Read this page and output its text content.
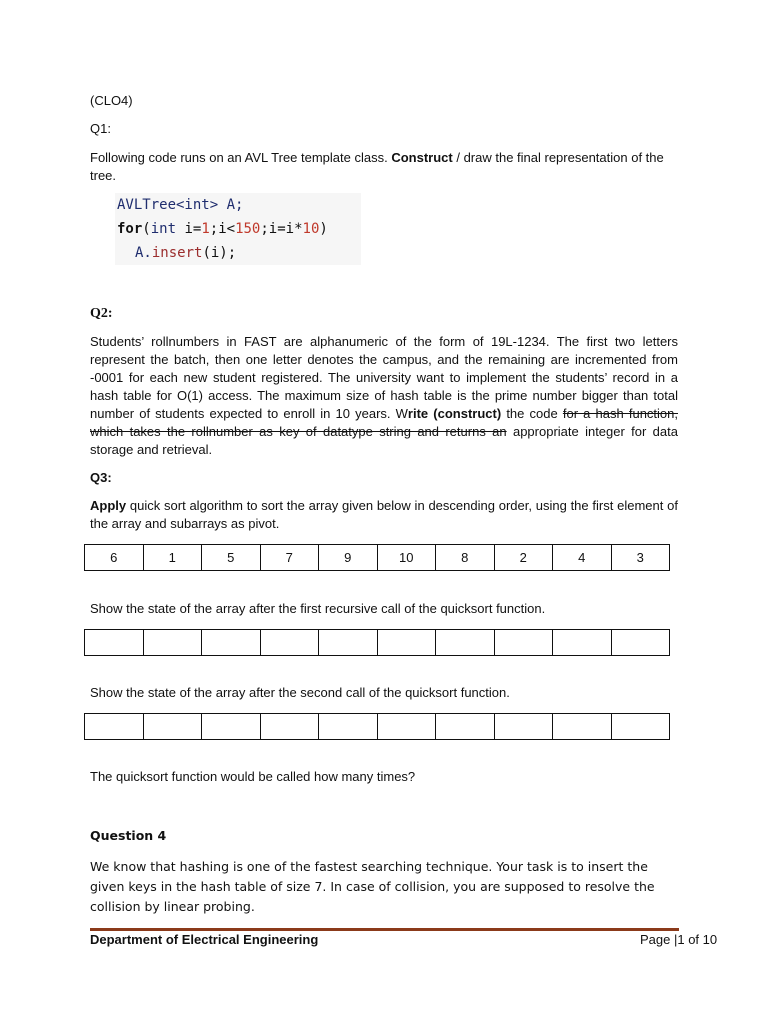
(CLO4)
Q1:
Following code runs on an AVL Tree template class. Construct / draw the final representation of the tree.
AVLTree<int> A;
for(int i=1;i<150;i=i*10)
A.insert(i);
Q2:
Students’ rollnumbers in FAST are alphanumeric of the form of 19L-1234. The first two letters represent the batch, then one letter denotes the campus, and the remaining are incremented from -0001 for each new student registered. The university want to implement the students’ record in a hash table for O(1) access. The maximum size of hash table is the prime number bigger than total number of students expected to enroll in 10 years. Write (construct) the code for a hash function, which takes the rollnumber as key of datatype string and returns an appropriate integer for data storage and retrieval.
Q3:
Apply quick sort algorithm to sort the array given below in descending order, using the first element of the array and subarrays as pivot.
6	1	5	7	9	10	8	2	4	3
Show the state of the array after the first recursive call of the quicksort function.

Show the state of the array after the second call of the quicksort function.

The quicksort function would be called how many times?
Question 4
We know that hashing is one of the fastest searching technique. Your task is to insert the given keys in the hash table of size 7. In case of collision, you are supposed to resolve the collision by linear probing.
Department of Electrical Engineering	Page |1 of 10
